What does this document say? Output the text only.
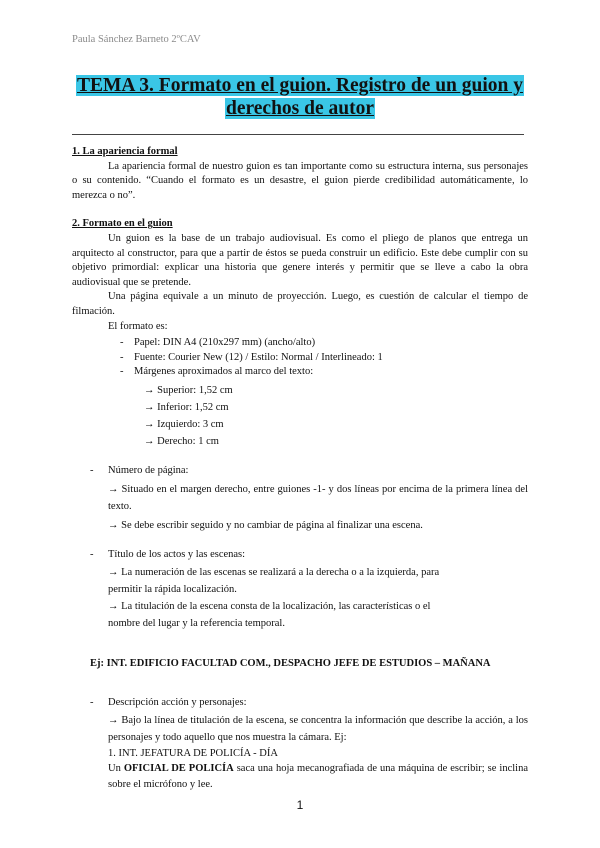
Paula Sánchez Barneto 2ºCAV
TEMA 3. Formato en el guion. Registro de un guion y
derechos de autor
1. La apariencia formal

La apariencia formal de nuestro guion es tan importante como su estructura interna, sus personajes o su contenido. “Cuando el formato es un desastre, el guion pierde credibilidad automáticamente, lo merezca o no”.

2. Formato en el guion

Un guion es la base de un trabajo audiovisual. Es como el pliego de planos que entrega un arquitecto al constructor, para que a partir de éstos se pueda construir un edificio. Este debe cumplir con su objetivo primordial: explicar una historia que genere interés y permitir que se lleve a cabo la obra audiovisual que se pretende.

Una página equivale a un minuto de proyección. Luego, es cuestión de calcular el tiempo de filmación.

El formato es:

- Papel: DIN A4 (210x297 mm) (ancho/alto)
- Fuente: Courier New (12) / Estilo: Normal / Interlineado: 1
- Márgenes aproximados al marco del texto:
→ Superior: 1,52 cm
→ Inferior: 1,52 cm
→ Izquierdo: 3 cm
→ Derecho: 1 cm
- Número de página:
→ Situado en el margen derecho, entre guiones -1- y dos líneas por encima de la primera línea del texto.
→ Se debe escribir seguido y no cambiar de página al finalizar una escena.
- Título de los actos y las escenas:
→ La numeración de las escenas se realizará a la derecha o a la izquierda, para
permitir la rápida localización.
→ La titulación de la escena consta de la localización, las características o el
nombre del lugar y la referencia temporal.

Ej: INT. EDIFICIO FACULTAD COM., DESPACHO JEFE DE ESTUDIOS – MAÑANA

- Descripción acción y personajes:
→ Bajo la línea de titulación de la escena, se concentra la información que describe la acción, a los personajes y todo aquello que nos muestra la cámara. Ej:
1. INT. JEFATURA DE POLICÍA - DÍA
Un OFICIAL DE POLICÍA saca una hoja mecanografiada de una máquina de escribir; se inclina sobre el micrófono y lee.
1
